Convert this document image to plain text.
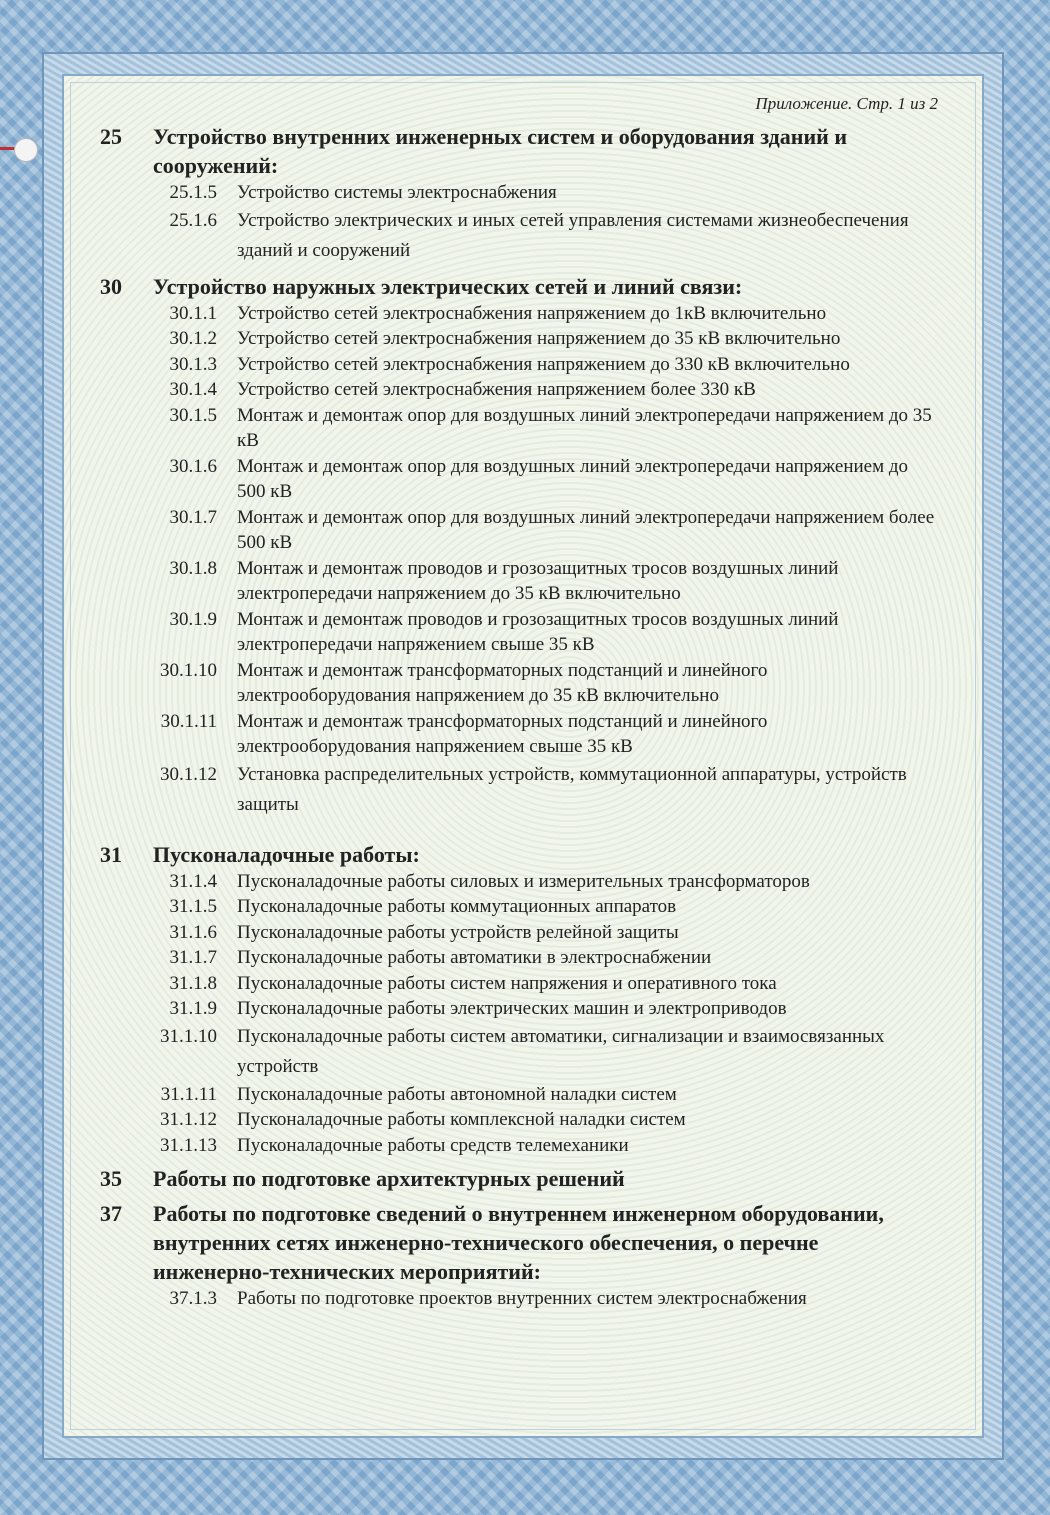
Приложение. Стр. 1 из 2
25	Устройство внутренних инженерных систем и оборудования зданий и сооружений:
25.1.5	Устройство системы электроснабжения
25.1.6	Устройство электрических и иных сетей управления системами жизнеобеспечения зданий и сооружений
30	Устройство наружных электрических сетей и линий связи:
30.1.1	Устройство сетей электроснабжения напряжением до 1кВ включительно
30.1.2	Устройство сетей электроснабжения напряжением до 35 кВ включительно
30.1.3	Устройство сетей электроснабжения напряжением до 330 кВ включительно
30.1.4	Устройство сетей электроснабжения напряжением более 330 кВ
30.1.5	Монтаж и демонтаж опор для воздушных линий электропередачи напряжением до 35 кВ
30.1.6	Монтаж и демонтаж опор для воздушных линий электропередачи напряжением до 500 кВ
30.1.7	Монтаж и демонтаж опор для воздушных линий электропередачи напряжением более 500 кВ
30.1.8	Монтаж и демонтаж проводов и грозозащитных тросов воздушных линий электропередачи напряжением до 35 кВ включительно
30.1.9	Монтаж и демонтаж проводов и грозозащитных тросов воздушных линий электропередачи напряжением свыше 35 кВ
30.1.10	Монтаж и демонтаж трансформаторных подстанций и линейного электрооборудования напряжением до 35 кВ включительно
30.1.11	Монтаж и демонтаж трансформаторных подстанций и линейного электрооборудования напряжением свыше 35 кВ
30.1.12	Установка распределительных устройств, коммутационной аппаратуры, устройств защиты
31	Пусконаладочные работы:
31.1.4	Пусконаладочные работы силовых и измерительных трансформаторов
31.1.5	Пусконаладочные работы коммутационных аппаратов
31.1.6	Пусконаладочные работы устройств релейной защиты
31.1.7	Пусконаладочные работы автоматики в электроснабжении
31.1.8	Пусконаладочные работы систем напряжения и оперативного тока
31.1.9	Пусконаладочные работы электрических машин и электроприводов
31.1.10	Пусконаладочные работы систем автоматики, сигнализации и взаимосвязанных устройств
31.1.11	Пусконаладочные работы автономной наладки систем
31.1.12	Пусконаладочные работы комплексной наладки систем
31.1.13	Пусконаладочные работы средств телемеханики
35	Работы по подготовке архитектурных решений
37	Работы по подготовке сведений о внутреннем инженерном оборудовании, внутренних сетях инженерно-технического обеспечения, о перечне инженерно-технических мероприятий:
37.1.3	Работы по подготовке проектов внутренних систем электроснабжения
